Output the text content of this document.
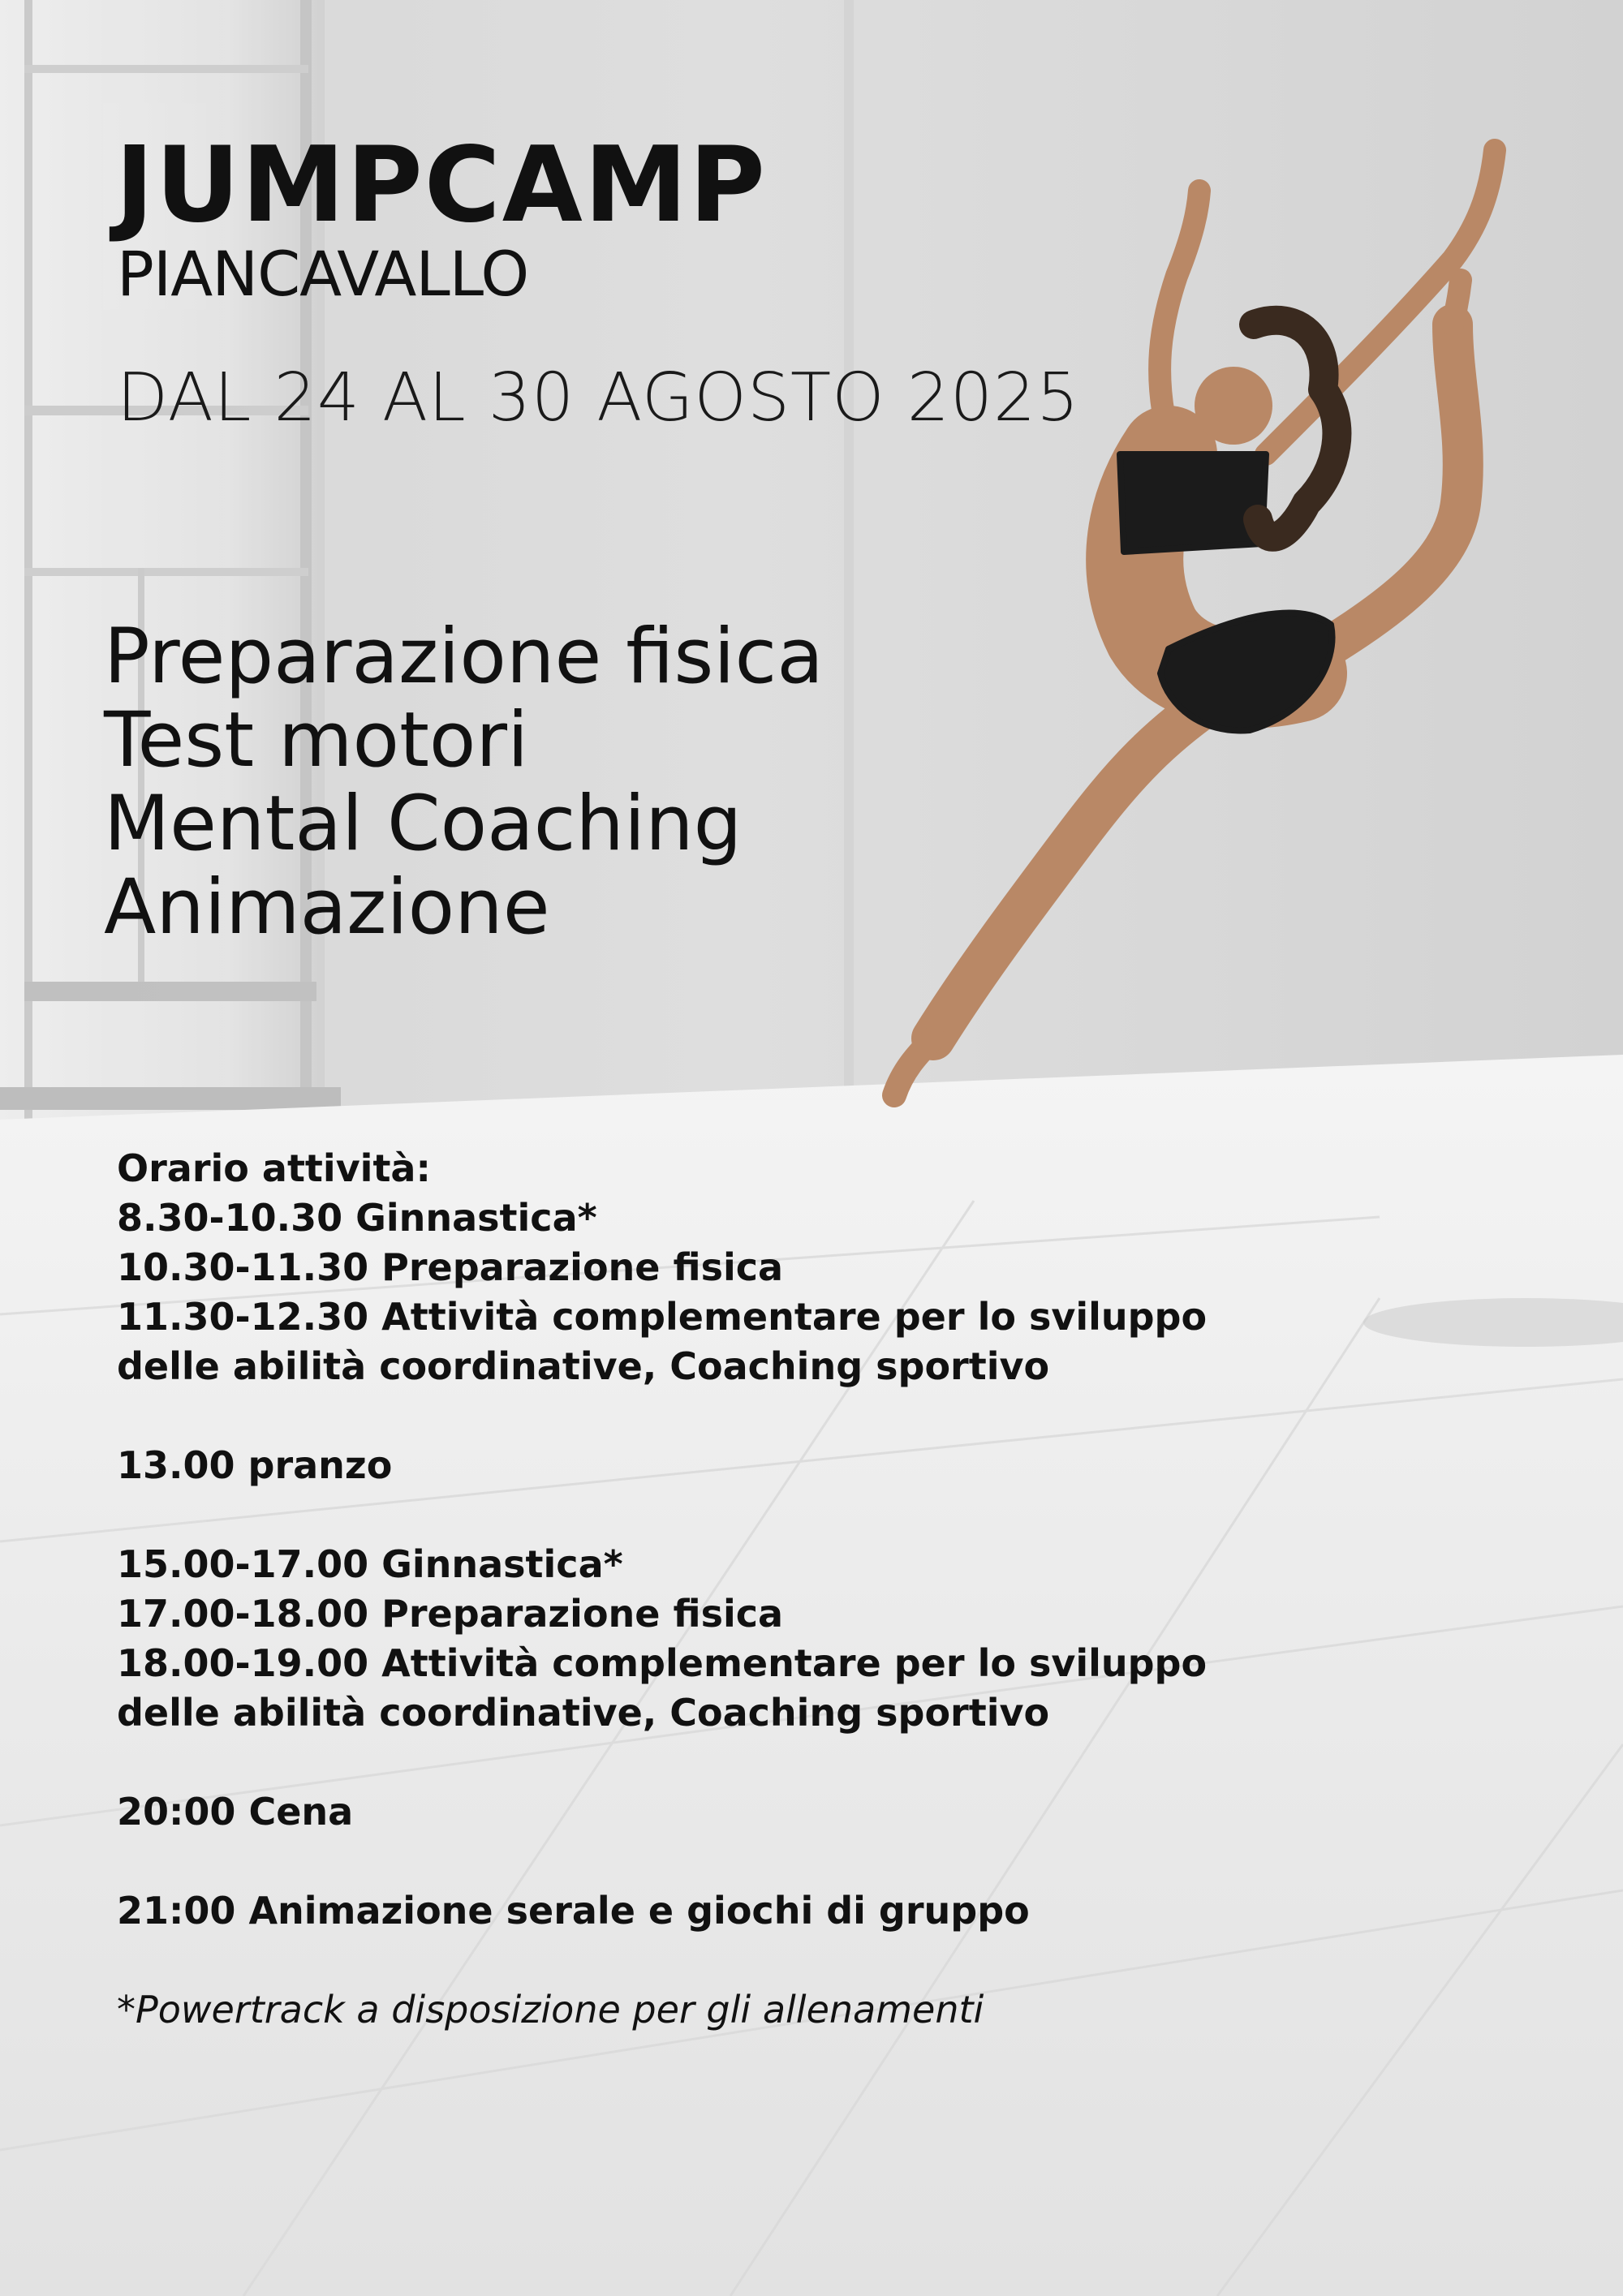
JUMPCAMP
PIANCAVALLO
DAL 24 AL 30 AGOSTO 2025
Preparazione fisica
Test motori
Mental Coaching
Animazione
Orario attività:
8.30-10.30 Ginnastica*
10.30-11.30 Preparazione fisica
11.30-12.30 Attività complementare per lo sviluppo
delle abilità coordinative, Coaching sportivo
13.00 pranzo
15.00-17.00 Ginnastica*
17.00-18.00 Preparazione fisica
18.00-19.00 Attività complementare per lo sviluppo
delle abilità coordinative, Coaching sportivo
20:00 Cena
21:00 Animazione serale e giochi di gruppo
*Powertrack a disposizione per gli allenamenti
